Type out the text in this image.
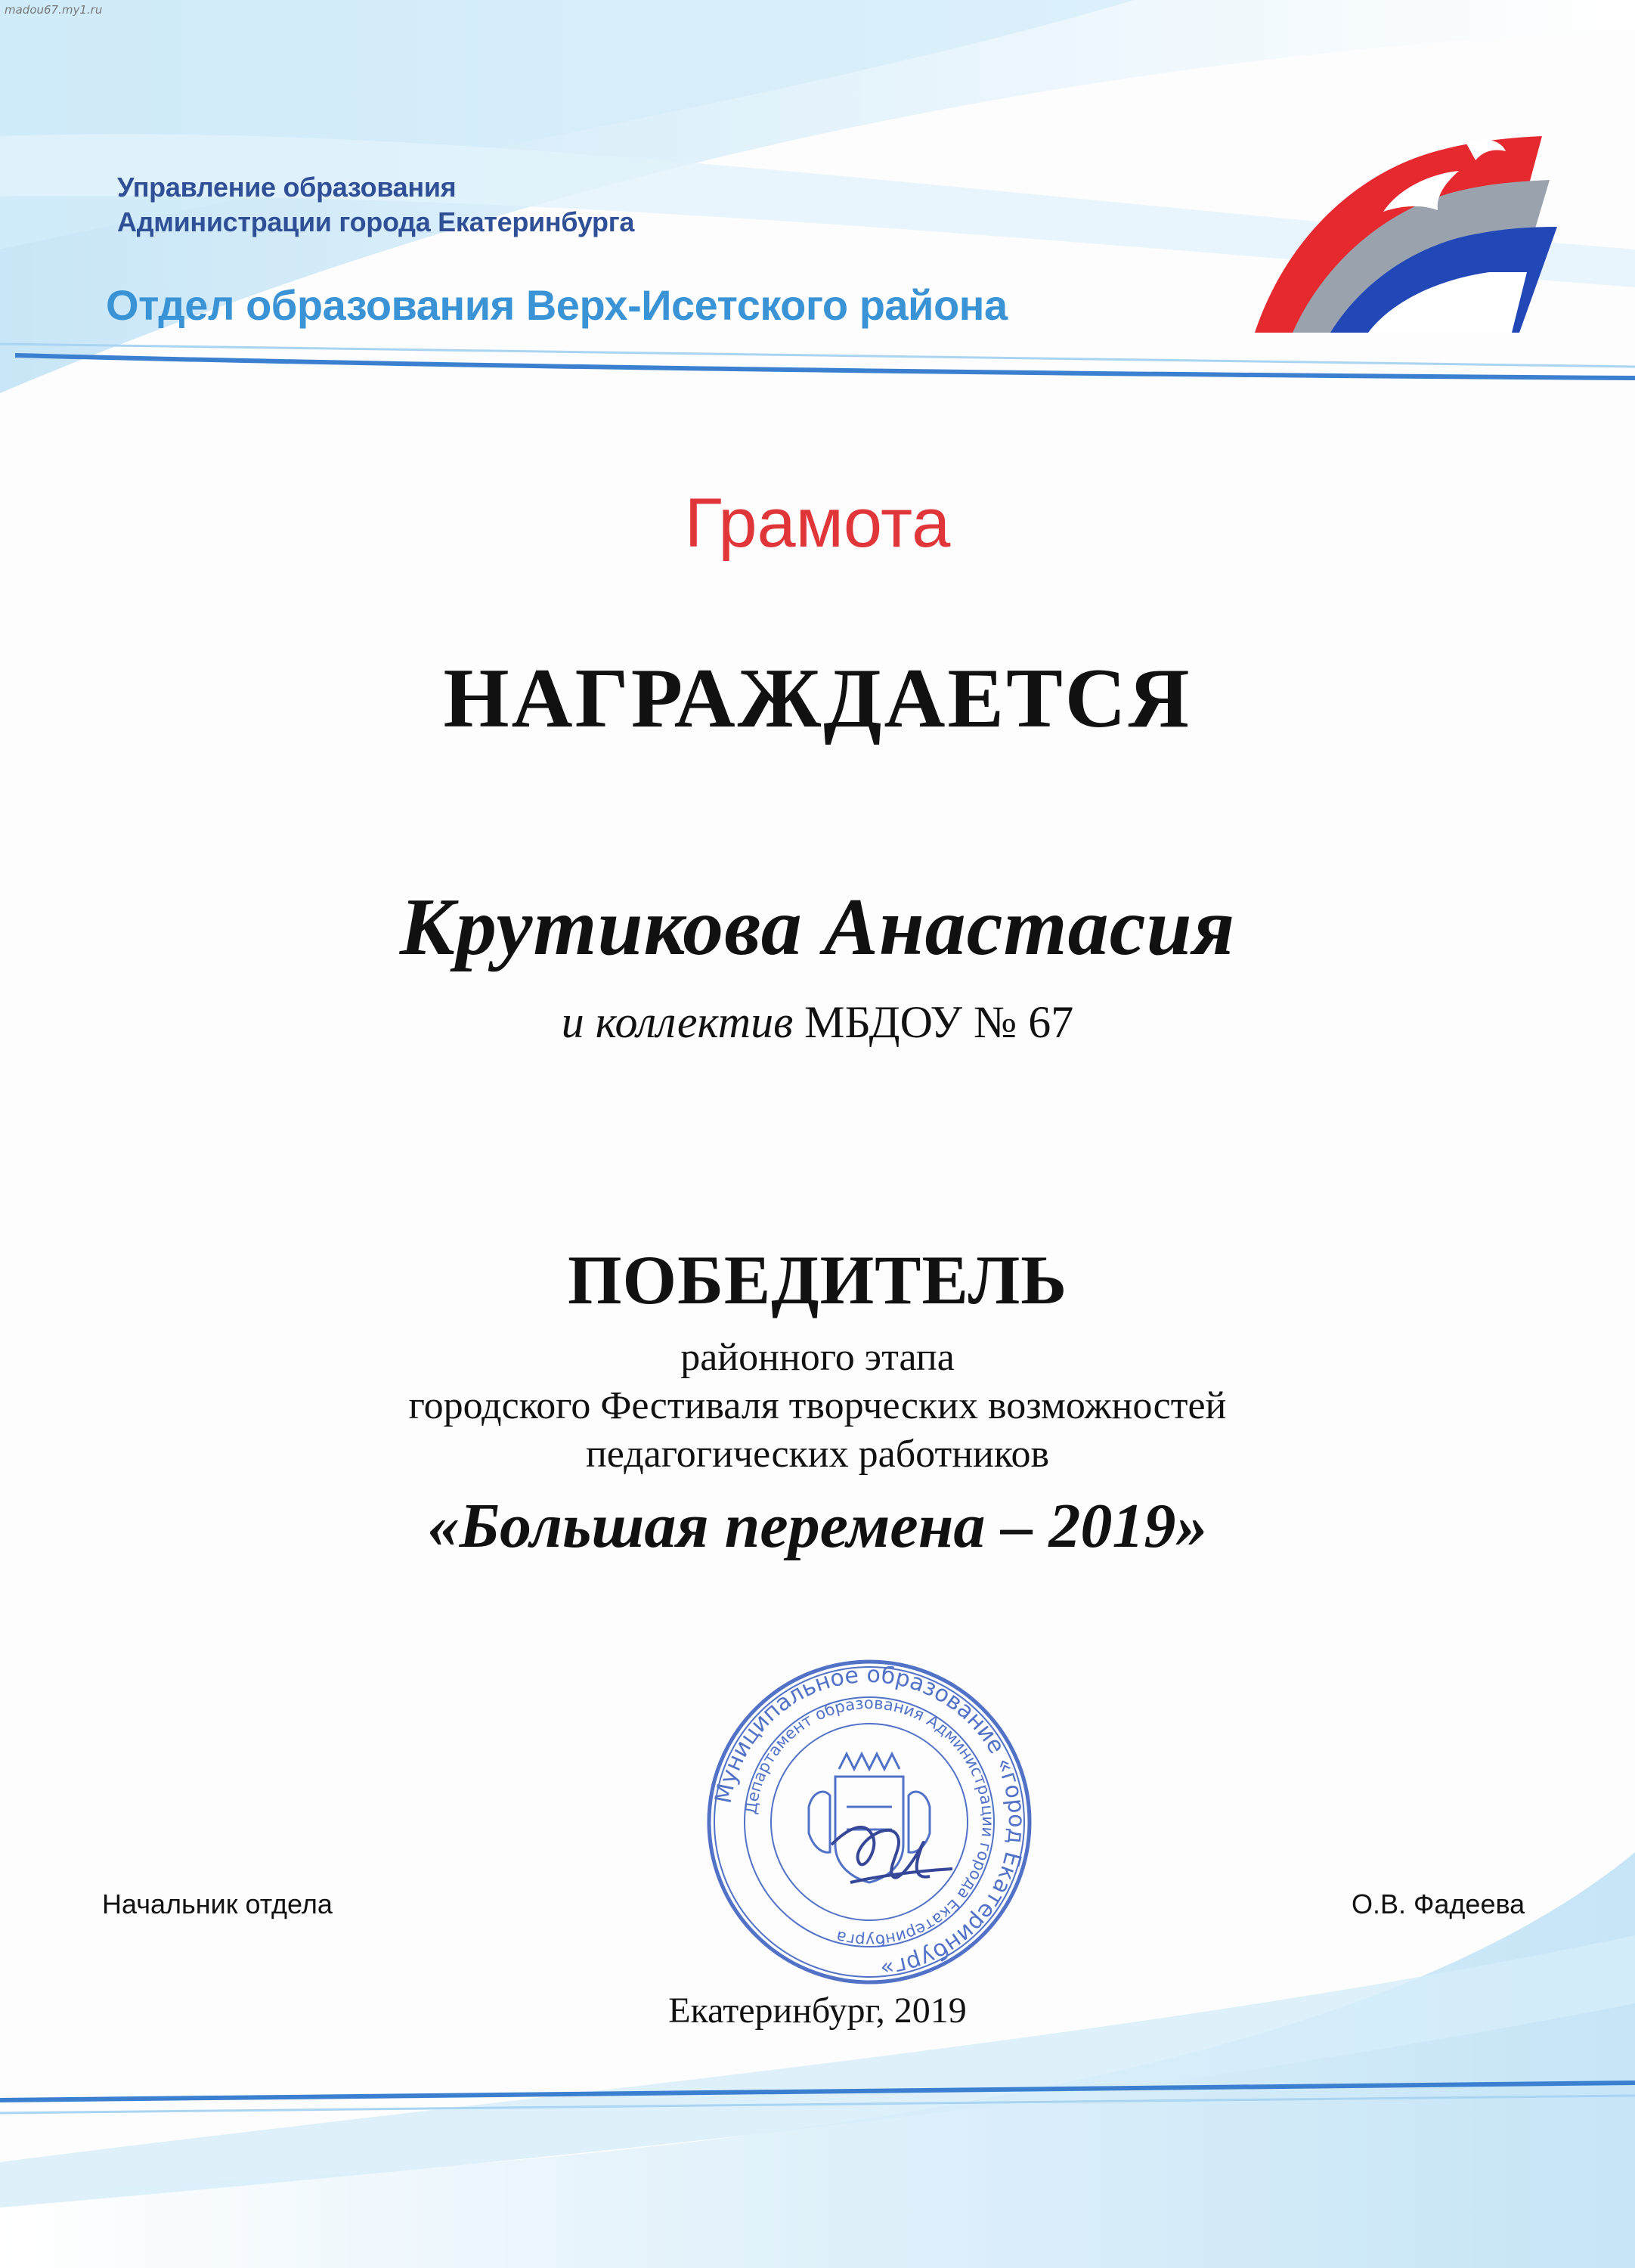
madou67.my1.ru
Управление образования
Администрации города Екатеринбурга
Отдел образования Верх-Исетского района
Грамота
НАГРАЖДАЕТСЯ
Крутикова Анастасия
и коллектив МБДОУ № 67
ПОБЕДИТЕЛЬ
районного этапа
городского Фестиваля творческих возможностей
педагогических работников
«Большая перемена – 2019»
Муниципальное образование «город Екатеринбург»
Департамент образования Администрации города Екатеринбурга
Начальник отдела	О.В. Фадеева
Екатеринбург, 2019
